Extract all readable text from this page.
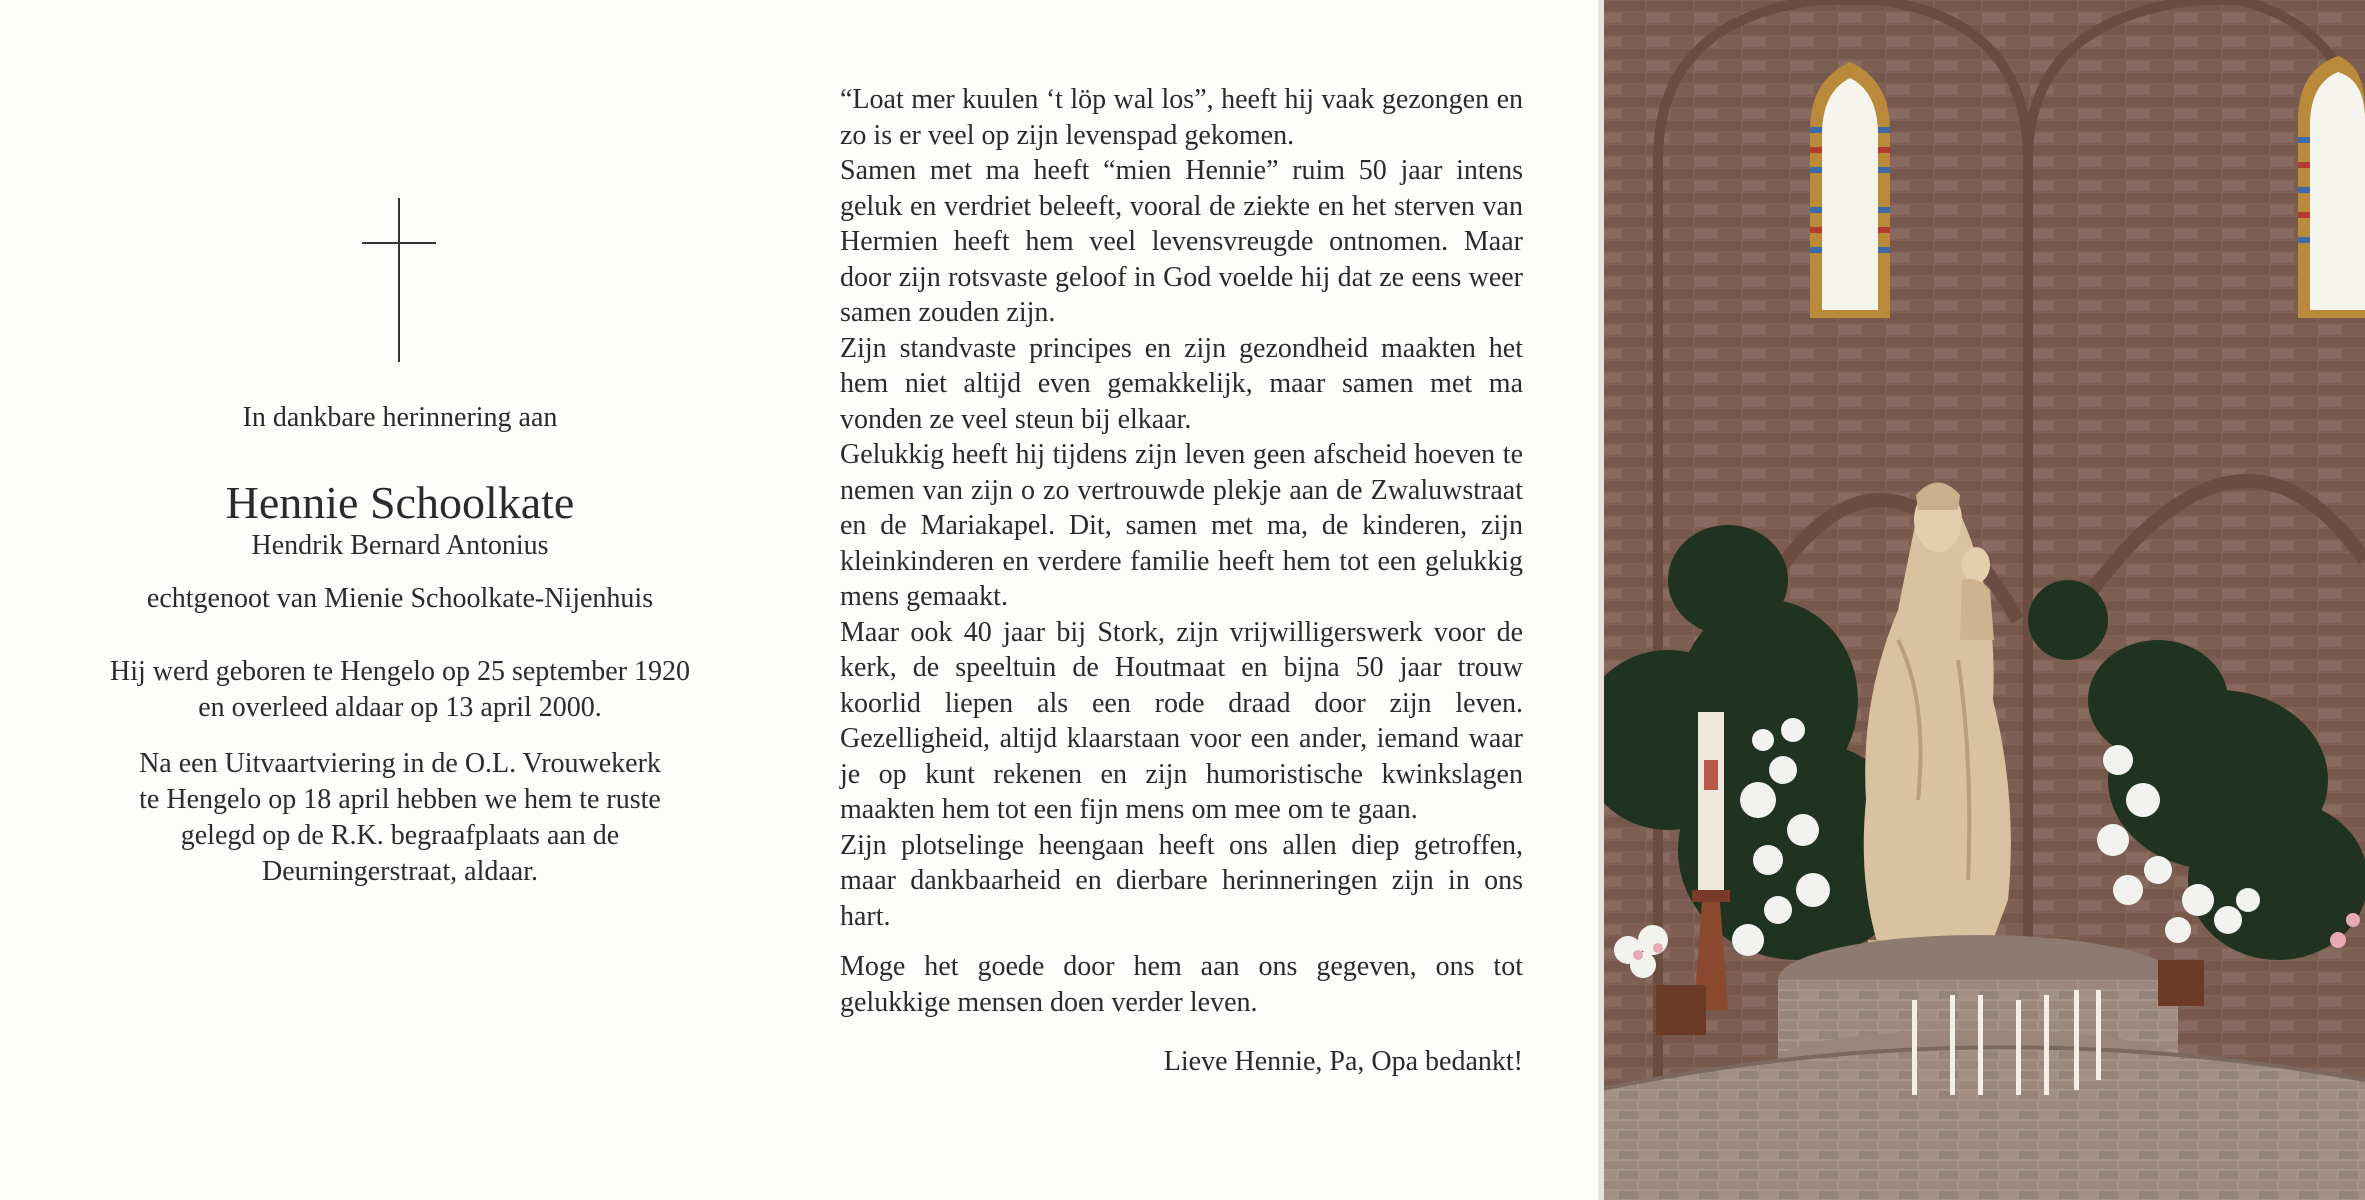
In dankbare herinnering aan
Hennie Schoolkate
Hendrik Bernard Antonius
echtgenoot van Mienie Schoolkate-Nijenhuis
Hij werd geboren te Hengelo op 25 september 1920
en overleed aldaar op 13 april 2000.
Na een Uitvaartviering in de O.L. Vrouwekerk
te Hengelo op 18 april hebben we hem te ruste
gelegd op de R.K. begraafplaats aan de
Deurningerstraat, aldaar.

“Loat mer kuulen ‘t löp wal los”, heeft hij vaak gezongen en zo is er veel op zijn levenspad gekomen.

Samen met ma heeft “mien Hennie” ruim 50 jaar intens geluk en verdriet beleeft, vooral de ziekte en het sterven van Hermien heeft hem veel levensvreugde ontnomen. Maar door zijn rotsvaste geloof in God voelde hij dat ze eens weer samen zouden zijn.

Zijn standvaste principes en zijn gezondheid maakten het hem niet altijd even gemakkelijk, maar samen met ma vonden ze veel steun bij elkaar.

Gelukkig heeft hij tijdens zijn leven geen afscheid hoeven te nemen van zijn o zo vertrouwde plekje aan de Zwaluwstraat en de Mariakapel. Dit, samen met ma, de kinderen, zijn kleinkinderen en verdere familie heeft hem tot een gelukkig mens gemaakt.

Maar ook 40 jaar bij Stork, zijn vrijwilligerswerk voor de kerk, de speeltuin de Houtmaat en bijna 50 jaar trouw koorlid liepen als een rode draad door zijn leven. Gezelligheid, altijd klaarstaan voor een ander, iemand waar je op kunt rekenen en zijn humoristische kwinkslagen maakten hem tot een fijn mens om mee om te gaan.

Zijn plotselinge heengaan heeft ons allen diep getroffen, maar dankbaarheid en dierbare herinneringen zijn in ons hart.

Moge het goede door hem aan ons gegeven, ons tot gelukkige mensen doen verder leven.

Lieve Hennie, Pa, Opa bedankt!
